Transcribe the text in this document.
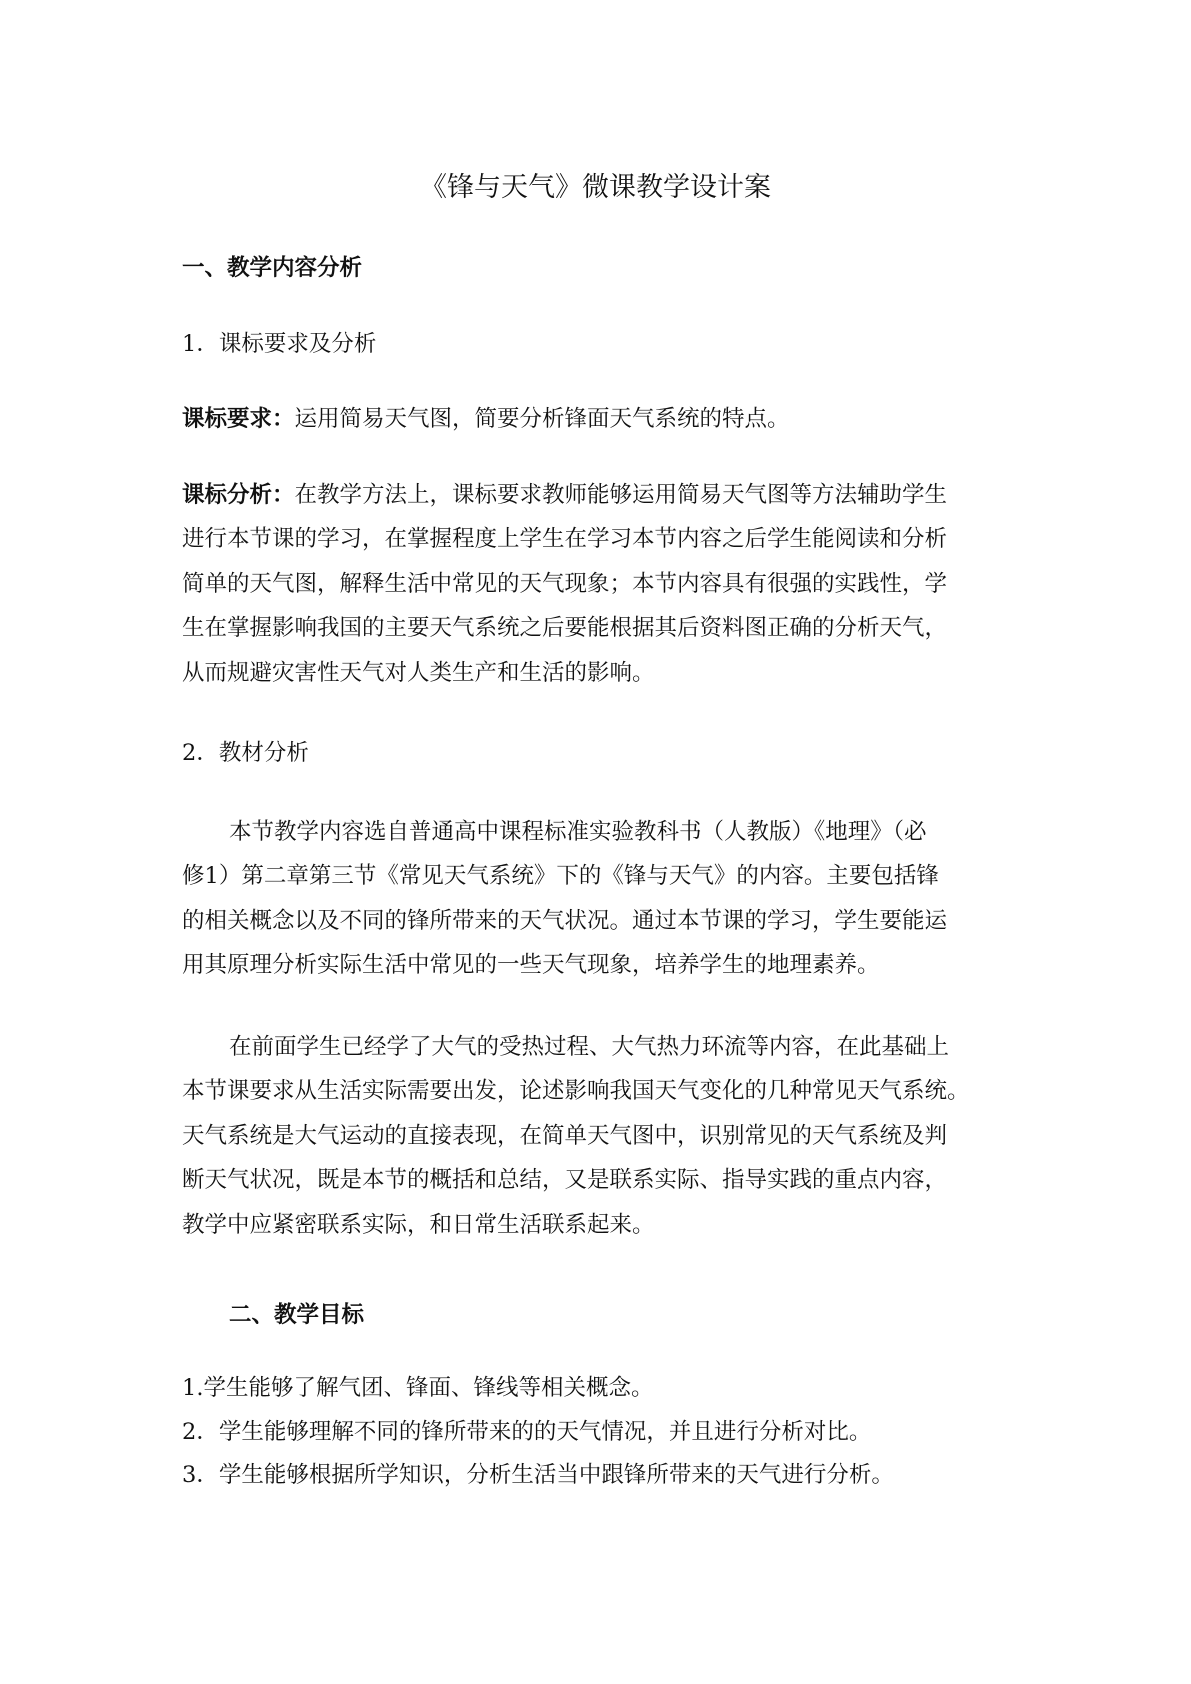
《锋与天气》微课教学设计案
一、教学内容分析
1．课标要求及分析
课标要求：运用简易天气图，简要分析锋面天气系统的特点。
课标分析：在教学方法上，课标要求教师能够运用简易天气图等方法辅助学生
进行本节课的学习，在掌握程度上学生在学习本节内容之后学生能阅读和分析
简单的天气图，解释生活中常见的天气现象；本节内容具有很强的实践性，学
生在掌握影响我国的主要天气系统之后要能根据其后资料图正确的分析天气，
从而规避灾害性天气对人类生产和生活的影响。
2．教材分析
本节教学内容选自普通高中课程标准实验教科书（人教版）《地理》（必
修1）第二章第三节《常见天气系统》下的《锋与天气》的内容。主要包括锋
的相关概念以及不同的锋所带来的天气状况。通过本节课的学习，学生要能运
用其原理分析实际生活中常见的一些天气现象，培养学生的地理素养。
在前面学生已经学了大气的受热过程、大气热力环流等内容，在此基础上
本节课要求从生活实际需要出发，论述影响我国天气变化的几种常见天气系统。
天气系统是大气运动的直接表现，在简单天气图中，识别常见的天气系统及判
断天气状况，既是本节的概括和总结，又是联系实际、指导实践的重点内容，
教学中应紧密联系实际，和日常生活联系起来。
二、教学目标
1.学生能够了解气团、锋面、锋线等相关概念。
2．学生能够理解不同的锋所带来的的天气情况，并且进行分析对比。
3．学生能够根据所学知识，分析生活当中跟锋所带来的天气进行分析。
